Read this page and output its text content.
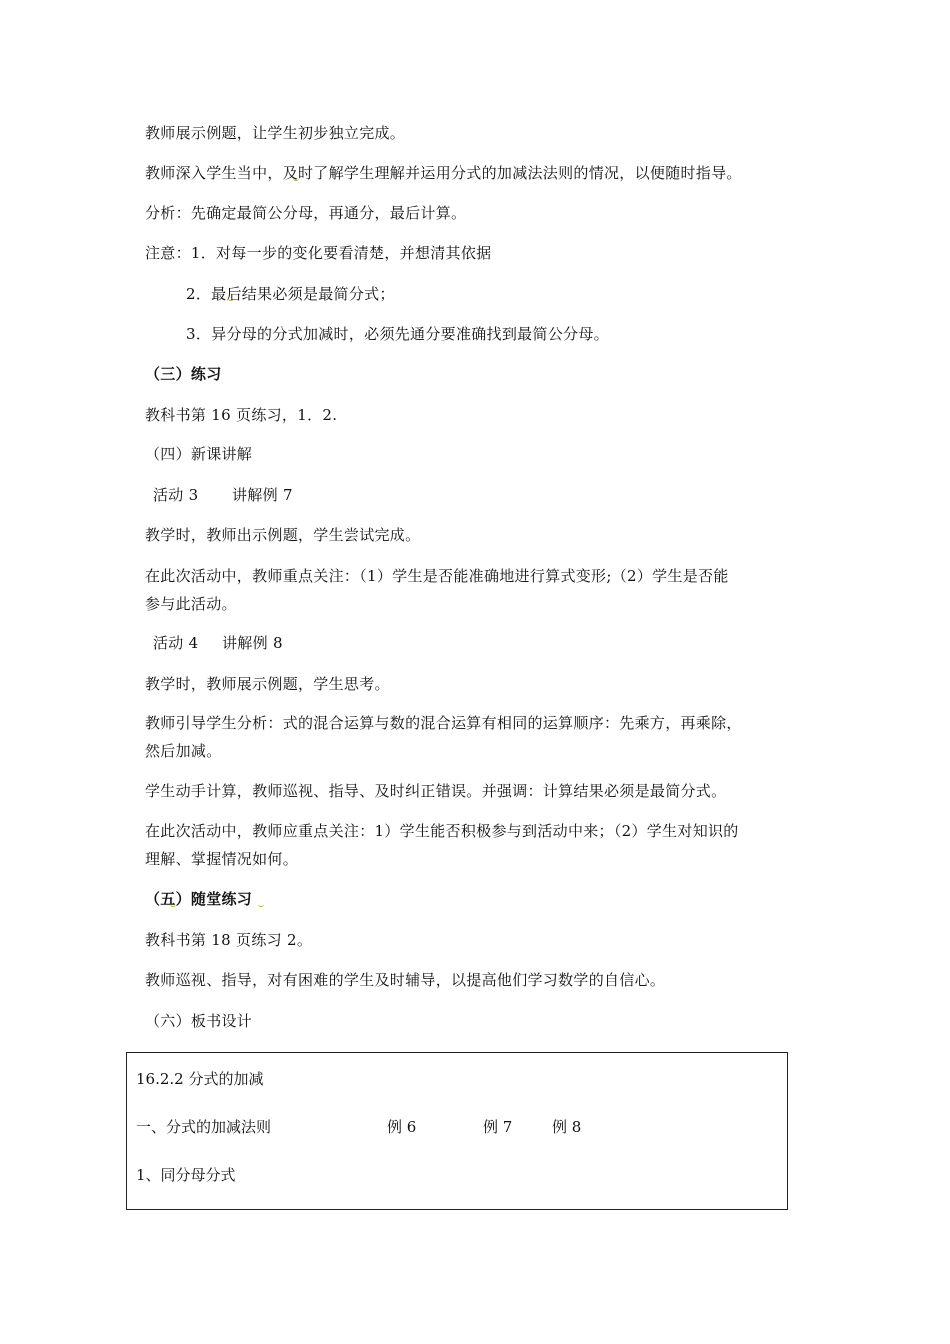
教师展示例题，让学生初步独立完成。
教师深入学生当中，及时了解学生理解并运用分式的加减法法则的情况，以便随时指导。
分析：先确定最简公分母，再通分，最后计算。
注意：1．对每一步的变化要看清楚，并想清其依据
2．最后结果必须是最简分式；
3．异分母的分式加减时，必须先通分要准确找到最简公分母。
（三）练习
教科书第 16 页练习，1．2.
（四）新课讲解
活动 3 讲解例 7
教学时，教师出示例题，学生尝试完成。
在此次活动中，教师重点关注：（1）学生是否能准确地进行算式变形;（2）学生是否能
参与此活动。
活动 4 讲解例 8
教学时，教师展示例题，学生思考。
教师引导学生分析：式的混合运算与数的混合运算有相同的运算顺序：先乘方，再乘除，
然后加减。
学生动手计算，教师巡视、指导、及时纠正错误。并强调：计算结果必须是最简分式。
在此次活动中，教师应重点关注：1）学生能否积极参与到活动中来；（2）学生对知识的
理解、掌握情况如何。
（五）随堂练习
教科书第 18 页练习 2。
教师巡视、指导，对有困难的学生及时辅导，以提高他们学习数学的自信心。
（六）板书设计
16.2.2 分式的加减
一、分式的加减法则	例 6	例 7	例 8
1、同分母分式
